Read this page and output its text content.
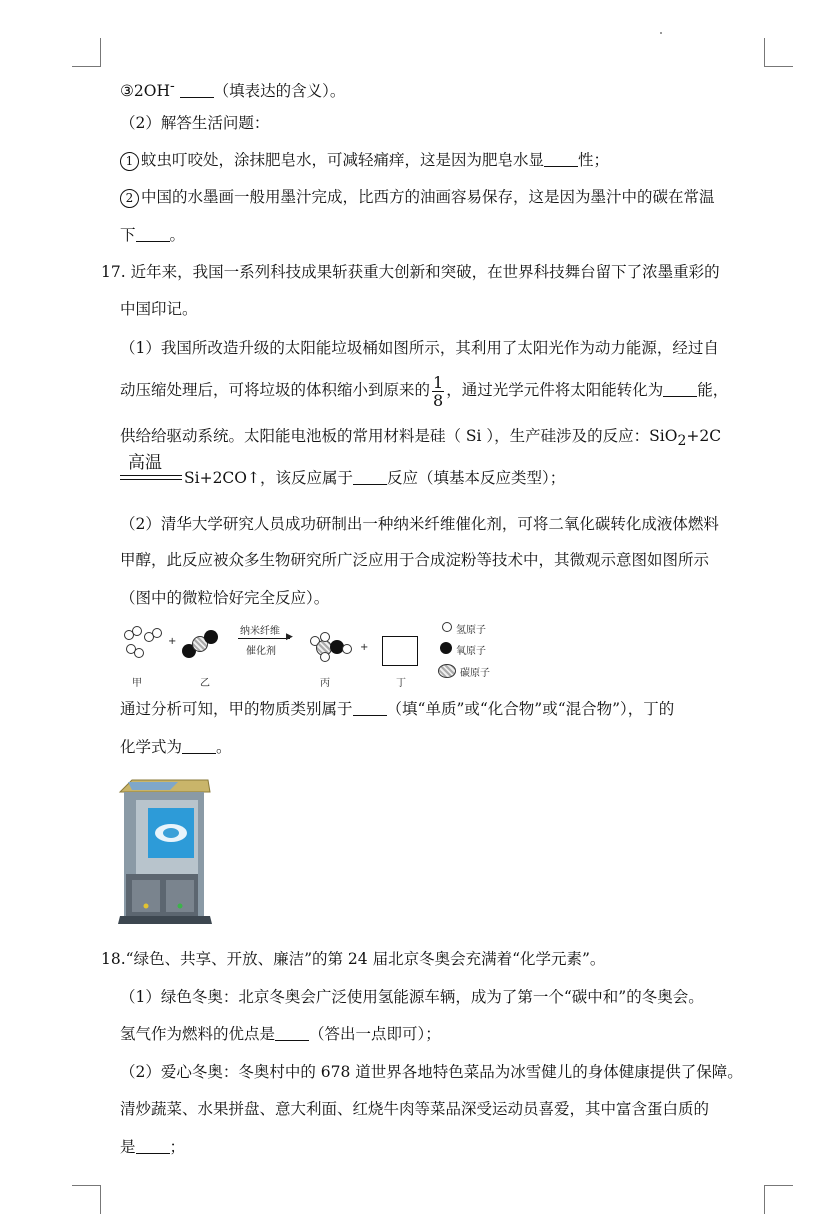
③2OH-	（填表达的含义）。
（2）解答生活问题：
1 蚊虫叮咬处，涂抹肥皂水，可减轻痛痒，这是因为肥皂水显 性；
2 中国的水墨画一般用墨汁完成，比西方的油画容易保存，这是因为墨汁中的碳在常温
下 。
17. 近年来，我国一系列科技成果斩获重大创新和突破，在世界科技舞台留下了浓墨重彩的
中国印记。
（1）我国所改造升级的太阳能垃圾桶如图所示，其利用了太阳光作为动力能源，经过自
动压缩处理后，可将垃圾的体积缩小到原来的 $\frac{1}{8}$ ，通过光学元件将太阳能转化为 能，
供给给驱动系统。太阳能电池板的常用材料是硅（ Si ），生产硅涉及的反应：SiO$_2$+2C
高温
Si+2CO↑，该反应属于 反应（填基本反应类型）；
（2）清华大学研究人员成功研制出一种纳米纤维催化剂，可将二氧化碳转化成液体燃料
甲醇，此反应被众多生物研究所广泛应用于合成淀粉等技术中，其微观示意图如图所示
（图中的微粒恰好完全反应）。
+
纳米纤维 ▶
催化剂	+
甲	乙	丙	丁
氢原子
氧原子
碳原子
通过分析可知，甲的物质类别属于 （填“单质”或“化合物”或“混合物”），丁的
化学式为 。
18.“绿色、共享、开放、廉洁”的第 24 届北京冬奥会充满着“化学元素”。
（1）绿色冬奥：北京冬奥会广泛使用氢能源车辆，成为了第一个“碳中和”的冬奥会。
氢气作为燃料的优点是 （答出一点即可）；
（2）爱心冬奥：冬奥村中的 678 道世界各地特色菜品为冰雪健儿的身体健康提供了保障。
清炒蔬菜、水果拼盘、意大利面、红烧牛肉等菜品深受运动员喜爱，其中富含蛋白质的
是 ；
